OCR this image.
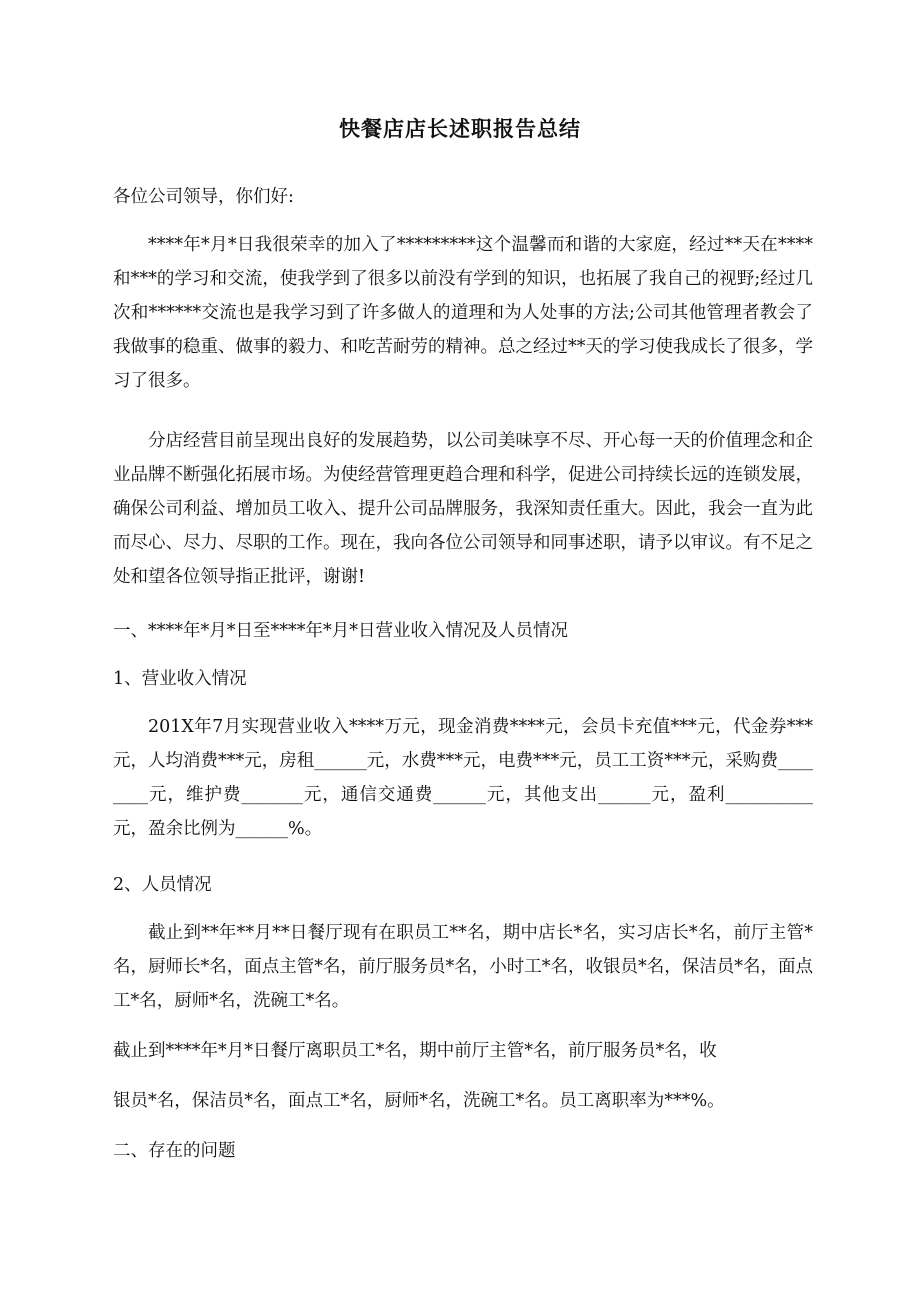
快餐店店长述职报告总结

各位公司领导，你们好:

****年*月*日我很荣幸的加入了*********这个温馨而和谐的大家庭，经过**天在****和***的学习和交流，使我学到了很多以前没有学到的知识，也拓展了我自己的视野;经过几次和******交流也是我学习到了许多做人的道理和为人处事的方法;公司其他管理者教会了我做事的稳重、做事的毅力、和吃苦耐劳的精神。总之经过**天的学习使我成长了很多，学习了很多。

分店经营目前呈现出良好的发展趋势，以公司美味享不尽、开心每一天的价值理念和企业品牌不断强化拓展市场。为使经营管理更趋合理和科学，促进公司持续长远的连锁发展，确保公司利益、增加员工收入、提升公司品牌服务，我深知责任重大。因此，我会一直为此而尽心、尽力、尽职的工作。现在，我向各位公司领导和同事述职，请予以审议。有不足之处和望各位领导指正批评，谢谢!

一、****年*月*日至****年*月*日营业收入情况及人员情况

1、营业收入情况

201X年7月实现营业收入****万元，现金消费****元，会员卡充值***元，代金券***元，人均消费***元，房租______元，水费***元，电费***元，员工工资***元，采购费________元，维护费_______元，通信交通费______元，其他支出______元，盈利__________元，盈余比例为______%。

2、人员情况

截止到**年**月**日餐厅现有在职员工**名，期中店长*名，实习店长*名，前厅主管*名，厨师长*名，面点主管*名，前厅服务员*名，小时工*名，收银员*名，保洁员*名，面点工*名，厨师*名，洗碗工*名。

截止到****年*月*日餐厅离职员工*名，期中前厅主管*名，前厅服务员*名，收

银员*名，保洁员*名，面点工*名，厨师*名，洗碗工*名。员工离职率为***%。

二、存在的问题
